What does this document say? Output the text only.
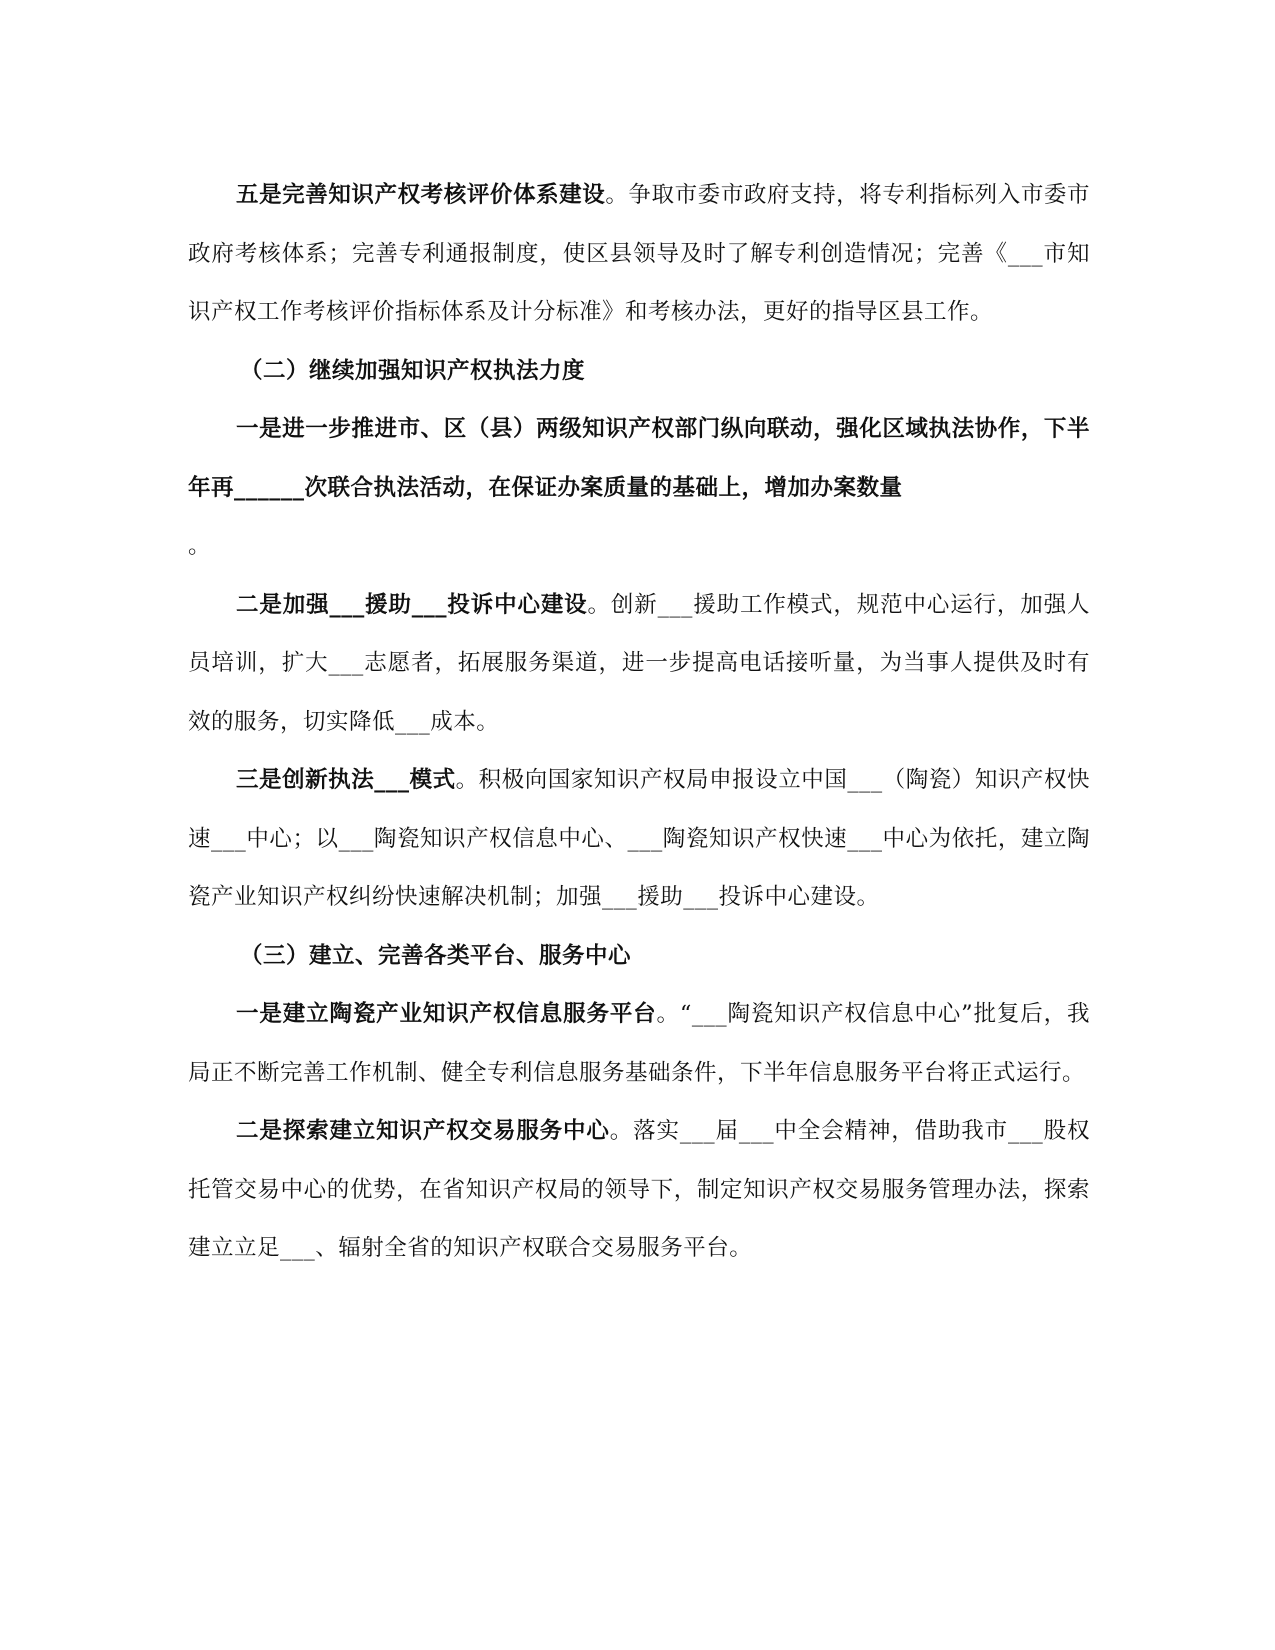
五是完善知识产权考核评价体系建设。争取市委市政府支持，将专利指标列入市委市政府考核体系；完善专利通报制度，使区县领导及时了解专利创造情况；完善《___市知识产权工作考核评价指标体系及计分标准》和考核办法，更好的指导区县工作。

（二）继续加强知识产权执法力度

一是进一步推进市、区（县）两级知识产权部门纵向联动，强化区域执法协作，下半年再______次联合执法活动，在保证办案质量的基础上，增加办案数量
。

二是加强___援助___投诉中心建设。创新___援助工作模式，规范中心运行，加强人员培训，扩大___志愿者，拓展服务渠道，进一步提高电话接听量，为当事人提供及时有效的服务，切实降低___成本。

三是创新执法___模式。积极向国家知识产权局申报设立中国___（陶瓷）知识产权快速___中心；以___陶瓷知识产权信息中心、___陶瓷知识产权快速___中心为依托，建立陶瓷产业知识产权纠纷快速解决机制；加强___援助___投诉中心建设。

（三）建立、完善各类平台、服务中心

一是建立陶瓷产业知识产权信息服务平台。“___陶瓷知识产权信息中心”批复后，我局正不断完善工作机制、健全专利信息服务基础条件，下半年信息服务平台将正式运行。

二是探索建立知识产权交易服务中心。落实___届___中全会精神，借助我市___股权托管交易中心的优势，在省知识产权局的领导下，制定知识产权交易服务管理办法，探索建立立足___、辐射全省的知识产权联合交易服务平台。
